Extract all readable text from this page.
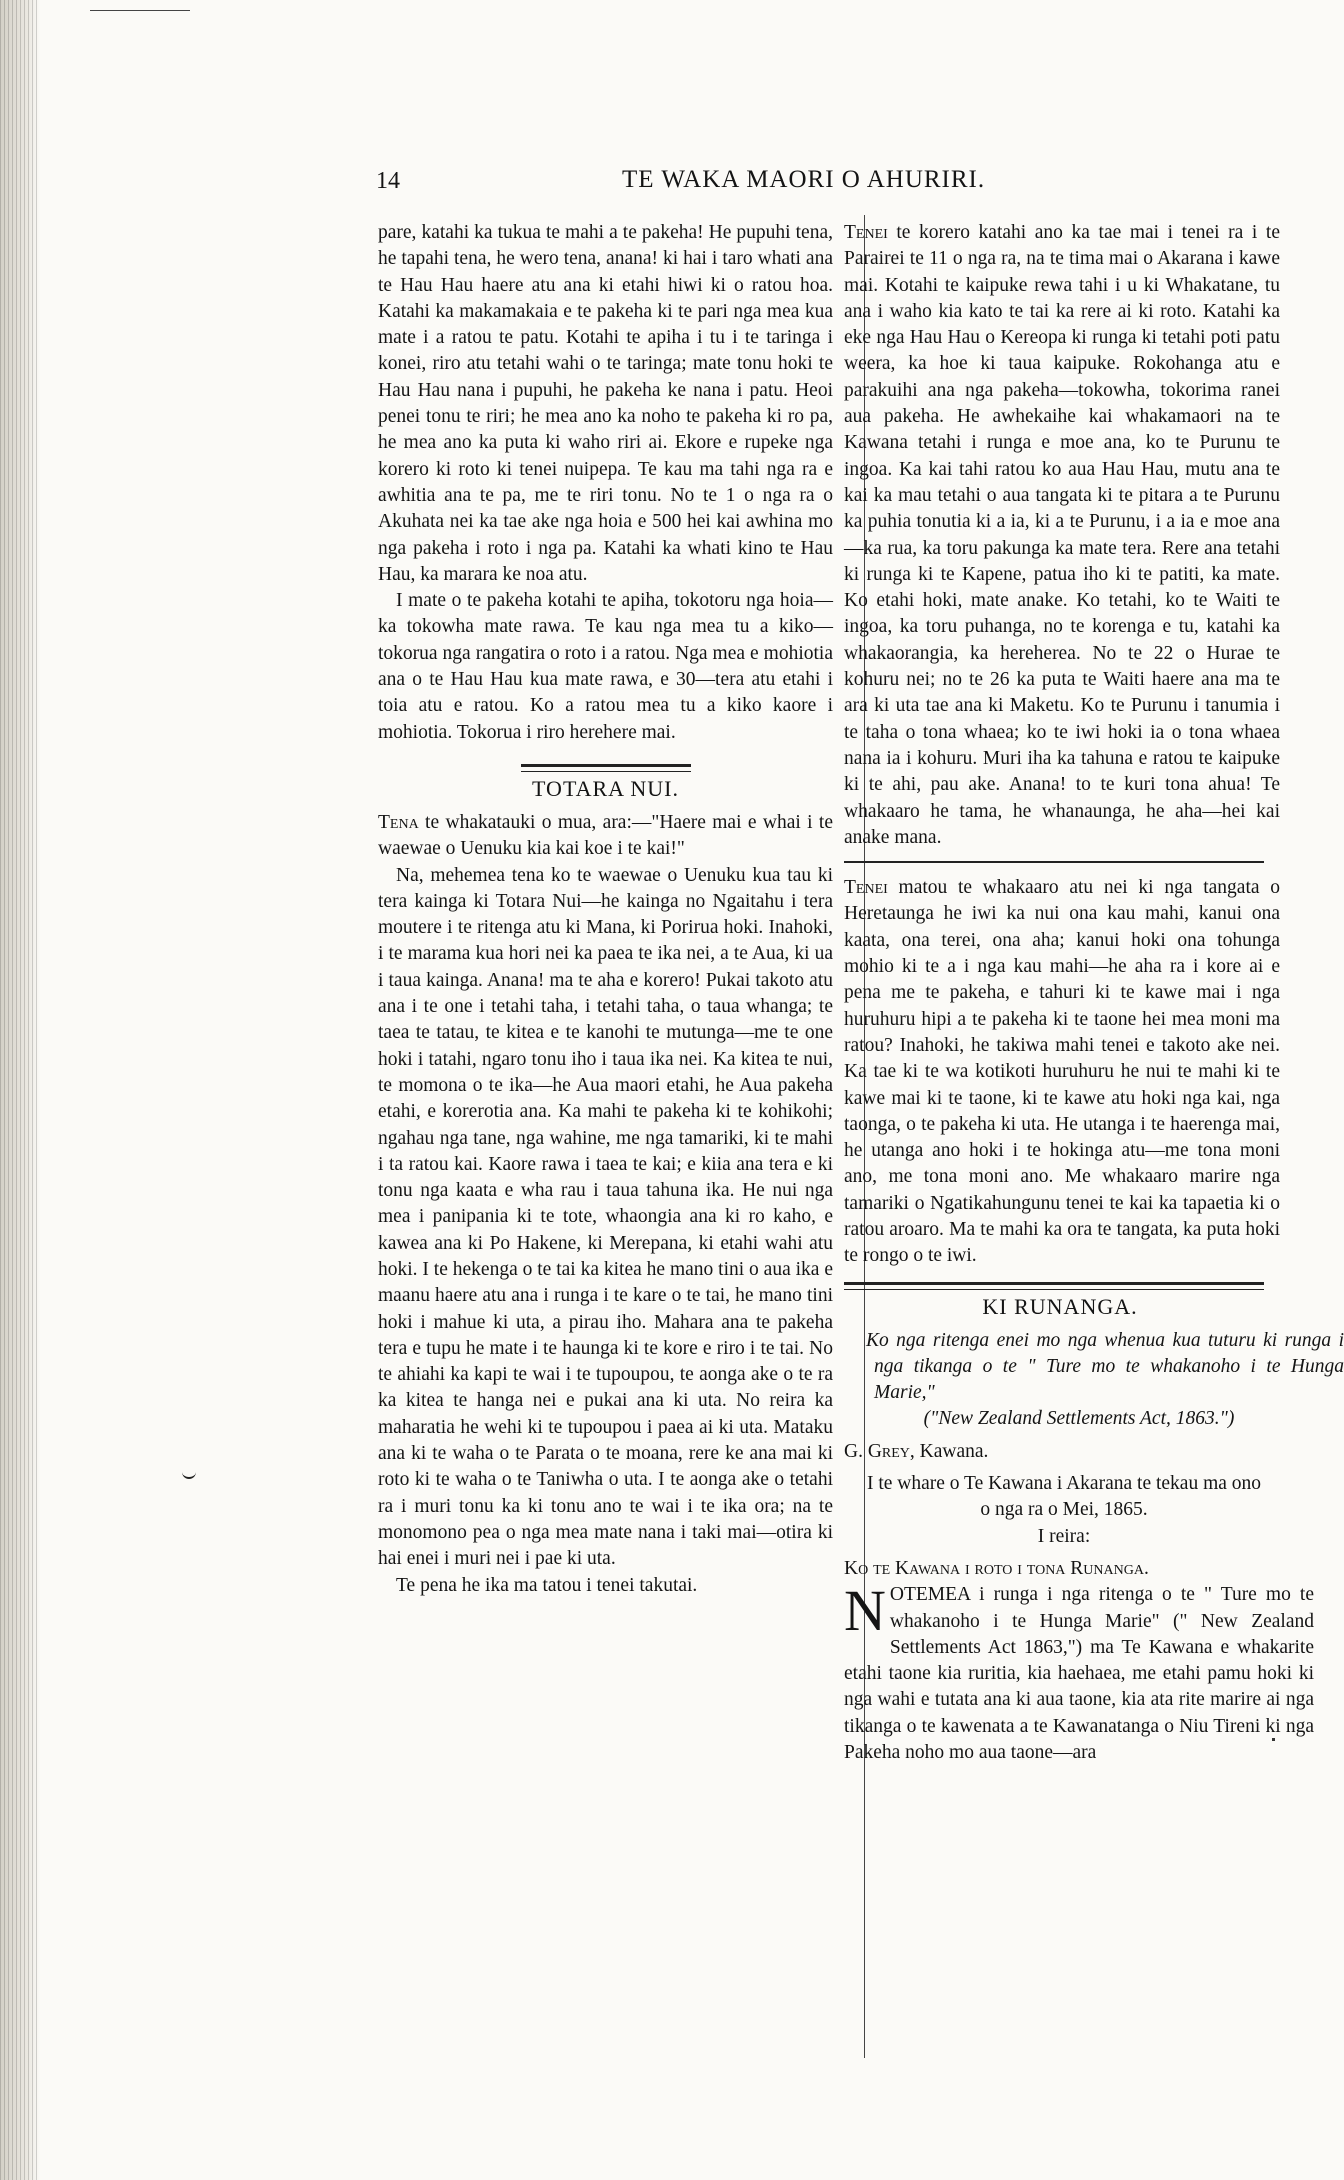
14	TE WAKA MAORI O AHURIRI.

pare, katahi ka tukua te mahi a te pakeha! He pupuhi tena, he tapahi tena, he wero tena, anana! ki hai i taro whati ana te Hau Hau haere atu ana ki etahi hiwi ki o ratou hoa. Katahi ka makamakaia e te pakeha ki te pari nga mea kua mate i a ratou te patu. Kotahi te apiha i tu i te taringa i konei, riro atu tetahi wahi o te taringa; mate tonu hoki te Hau Hau nana i pupuhi, he pakeha ke nana i patu. Heoi penei tonu te riri; he mea ano ka noho te pakeha ki ro pa, he mea ano ka puta ki waho riri ai. Ekore e rupeke nga korero ki roto ki tenei nuipepa. Te kau ma tahi nga ra e awhitia ana te pa, me te riri tonu. No te 1 o nga ra o Akuhata nei ka tae ake nga hoia e 500 hei kai awhina mo nga pakeha i roto i nga pa. Katahi ka whati kino te Hau Hau, ka marara ke noa atu.

I mate o te pakeha kotahi te apiha, tokotoru nga hoia—ka tokowha mate rawa. Te kau nga mea tu a kiko—tokorua nga rangatira o roto i a ratou. Nga mea e mohiotia ana o te Hau Hau kua mate rawa, e 30—tera atu etahi i toia atu e ratou. Ko a ratou mea tu a kiko kaore i mohiotia. Tokorua i riro herehere mai.

TOTARA NUI.

Tena te whakatauki o mua, ara:—"Haere mai e whai i te waewae o Uenuku kia kai koe i te kai!"

Na, mehemea tena ko te waewae o Uenuku kua tau ki tera kainga ki Totara Nui—he kainga no Ngaitahu i tera moutere i te ritenga atu ki Mana, ki Porirua hoki. Inahoki, i te marama kua hori nei ka paea te ika nei, a te Aua, ki ua i taua kainga. Anana! ma te aha e korero! Pukai takoto atu ana i te one i tetahi taha, i tetahi taha, o taua whanga; te taea te tatau, te kitea e te kanohi te mutunga—me te one hoki i tatahi, ngaro tonu iho i taua ika nei. Ka kitea te nui, te momona o te ika—he Aua maori etahi, he Aua pakeha etahi, e korerotia ana. Ka mahi te pakeha ki te kohikohi; ngahau nga tane, nga wahine, me nga tamariki, ki te mahi i ta ratou kai. Kaore rawa i taea te kai; e kiia ana tera e ki tonu nga kaata e wha rau i taua tahuna ika. He nui nga mea i panipania ki te tote, whaongia ana ki ro kaho, e kawea ana ki Po Hakene, ki Merepana, ki etahi wahi atu hoki. I te hekenga o te tai ka kitea he mano tini o aua ika e maanu haere atu ana i runga i te kare o te tai, he mano tini hoki i mahue ki uta, a pirau iho. Mahara ana te pakeha tera e tupu he mate i te haunga ki te kore e riro i te tai. No te ahiahi ka kapi te wai i te tupoupou, te aonga ake o te ra ka kitea te hanga nei e pukai ana ki uta. No reira ka maharatia he wehi ki te tupoupou i paea ai ki uta. Mataku ana ki te waha o te Parata o te moana, rere ke ana mai ki roto ki te waha o te Taniwha o uta. I te aonga ake o tetahi ra i muri tonu ka ki tonu ano te wai i te ika ora; na te monomono pea o nga mea mate nana i taki mai—otira ki hai enei i muri nei i pae ki uta.

Te pena he ika ma tatou i tenei takutai.

Tenei te korero katahi ano ka tae mai i tenei ra i te Parairei te 11 o nga ra, na te tima mai o Akarana i kawe mai. Kotahi te kaipuke rewa tahi i u ki Whakatane, tu ana i waho kia kato te tai ka rere ai ki roto. Katahi ka eke nga Hau Hau o Kereopa ki runga ki tetahi poti patu weera, ka hoe ki taua kaipuke. Rokohanga atu e parakuihi ana nga pakeha—tokowha, tokorima ranei aua pakeha. He awhekaihe kai whakamaori na te Kawana tetahi i runga e moe ana, ko te Purunu te ingoa. Ka kai tahi ratou ko aua Hau Hau, mutu ana te kai ka mau tetahi o aua tangata ki te pitara a te Purunu ka puhia tonutia ki a ia, ki a te Purunu, i a ia e moe ana—ka rua, ka toru pakunga ka mate tera. Rere ana tetahi ki runga ki te Kapene, patua iho ki te patiti, ka mate. Ko etahi hoki, mate anake. Ko tetahi, ko te Waiti te ingoa, ka toru puhanga, no te korenga e tu, katahi ka whakaorangia, ka hereherea. No te 22 o Hurae te kohuru nei; no te 26 ka puta te Waiti haere ana ma te ara ki uta tae ana ki Maketu. Ko te Purunu i tanumia i te taha o tona whaea; ko te iwi hoki ia o tona whaea nana ia i kohuru. Muri iha ka tahuna e ratou te kaipuke ki te ahi, pau ake. Anana! to te kuri tona ahua! Te whakaaro he tama, he whanaunga, he aha—hei kai anake mana.

Tenei matou te whakaaro atu nei ki nga tangata o Heretaunga he iwi ka nui ona kau mahi, kanui ona kaata, ona terei, ona aha; kanui hoki ona tohunga mohio ki te a i nga kau mahi—he aha ra i kore ai e pena me te pakeha, e tahuri ki te kawe mai i nga huruhuru hipi a te pakeha ki te taone hei mea moni ma ratou? Inahoki, he takiwa mahi tenei e takoto ake nei. Ka tae ki te wa kotikoti huruhuru he nui te mahi ki te kawe mai ki te taone, ki te kawe atu hoki nga kai, nga taonga, o te pakeha ki uta. He utanga i te haerenga mai, he utanga ano hoki i te hokinga atu—me tona moni ano, me tona moni ano. Me whakaaro marire nga tamariki o Ngatikahungunu tenei te kai ka tapaetia ki o ratou aroaro. Ma te mahi ka ora te tangata, ka puta hoki te rongo o te iwi.

KI RUNANGA.

Ko nga ritenga enei mo nga whenua kua tuturu ki runga i nga tikanga o te " Ture mo te whakanoho i te Hunga Marie,"

("New Zealand Settlements Act, 1863.")

G. Grey, Kawana.

I te whare o Te Kawana i Akarana te tekau ma ono o nga ra o Mei, 1865.

I reira:

Ko te Kawana i roto i tona Runanga.

NOTEMEA i runga i nga ritenga o te " Ture mo te whakanoho i te Hunga Marie" (" New Zealand Settlements Act 1863,") ma Te Kawana e whakarite etahi taone kia ruritia, kia haehaea, me etahi pamu hoki ki nga wahi e tutata ana ki aua taone, kia ata rite marire ai nga tikanga o te kawenata a te Kawanatanga o Niu Tireni ki nga Pakeha noho mo aua taone—ara
